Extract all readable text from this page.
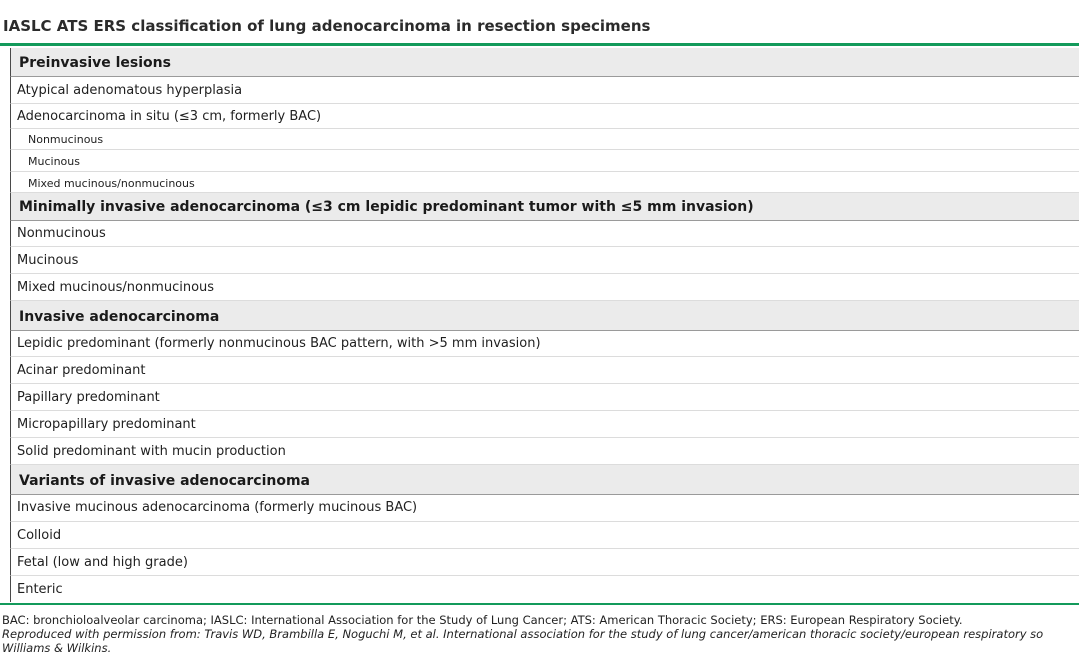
IASLC ATS ERS classification of lung adenocarcinoma in resection specimens
Preinvasive lesions
Atypical adenomatous hyperplasia
Adenocarcinoma in situ (≤3 cm, formerly BAC)
Nonmucinous
Mucinous
Mixed mucinous/nonmucinous
Minimally invasive adenocarcinoma (≤3 cm lepidic predominant tumor with ≤5 mm invasion)
Nonmucinous
Mucinous
Mixed mucinous/nonmucinous
Invasive adenocarcinoma
Lepidic predominant (formerly nonmucinous BAC pattern, with >5 mm invasion)
Acinar predominant
Papillary predominant
Micropapillary predominant
Solid predominant with mucin production
Variants of invasive adenocarcinoma
Invasive mucinous adenocarcinoma (formerly mucinous BAC)
Colloid
Fetal (low and high grade)
Enteric
BAC: bronchioloalveolar carcinoma; IASLC: International Association for the Study of Lung Cancer; ATS: American Thoracic Society; ERS: European Respiratory Society.
Reproduced with permission from: Travis WD, Brambilla E, Noguchi M, et al. International association for the study of lung cancer/american thoracic society/european respiratory so
Williams & Wilkins.
